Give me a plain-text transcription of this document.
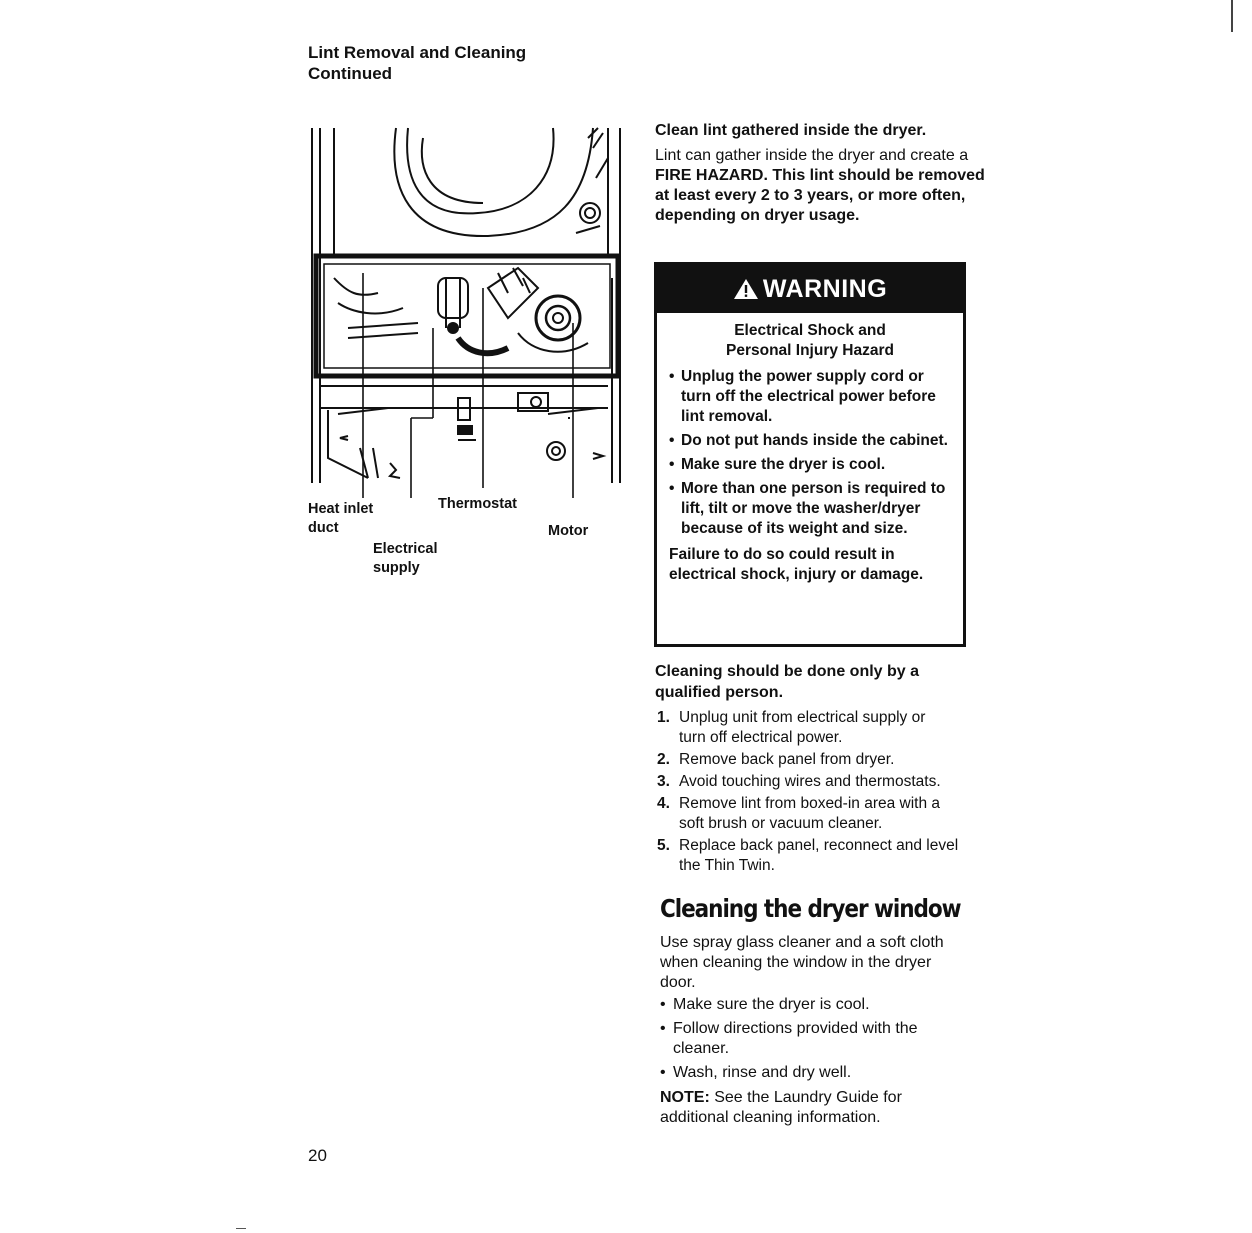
Lint Removal and Cleaning
Continued
Heat inlet
duct
Thermostat
Motor
Electrical
supply
Clean lint gathered inside the dryer.
Lint can gather inside the dryer and create a FIRE HAZARD. This lint should be removed at least every 2 to 3 years, or more often, depending on dryer usage.
WARNING
Electrical Shock and
Personal Injury Hazard
• Unplug the power supply cord or turn off the electrical power before lint removal.
• Do not put hands inside the cabinet.
• Make sure the dryer is cool.
• More than one person is required to lift, tilt or move the washer/dryer because of its weight and size.
Failure to do so could result in electrical shock, injury or damage.
Cleaning should be done only by a qualified person.
1. Unplug unit from electrical supply or turn off electrical power.
2. Remove back panel from dryer.
3. Avoid touching wires and thermostats.
4. Remove lint from boxed-in area with a soft brush or vacuum cleaner.
5. Replace back panel, reconnect and level the Thin Twin.
Cleaning the dryer window
Use spray glass cleaner and a soft cloth when cleaning the window in the dryer door.
• Make sure the dryer is cool.
• Follow directions provided with the cleaner.
• Wash, rinse and dry well.
NOTE: See the Laundry Guide for additional cleaning information.
20
